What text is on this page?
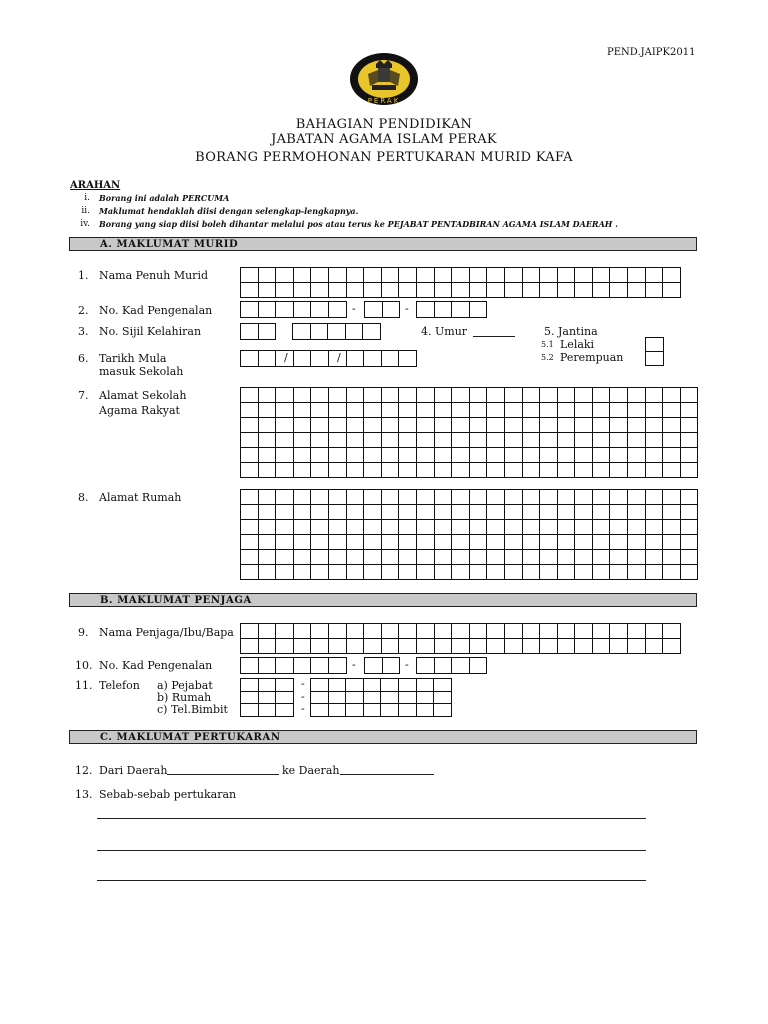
PEND.JAIPK2011
PERAK
BAHAGIAN PENDIDIKAN
JABATAN AGAMA ISLAM PERAK
BORANG PERMOHONAN PERTUKARAN MURID KAFA
ARAHAN
i. Borang ini adalah PERCUMA
ii. Maklumat hendaklah diisi dengan selengkap-lengkapnya.
iv. Borang yang siap diisi boleh dihantar melalui pos atau terus ke PEJABAT PENTADBIRAN AGAMA ISLAM DAERAH .
A. MAKLUMAT MURID
1. Nama Penuh Murid
2. No. Kad Pengenalan	-	-
3. No. Sijil Kelahiran	4. Umur	5. Jantina
5.1 Lelaki
5.2 Perempuan
6. Tarikh Mula
masuk Sekolah
/	/
7. Alamat Sekolah
Agama Rakyat
8. Alamat Rumah
B. MAKLUMAT PENJAGA
9. Nama Penjaga/Ibu/Bapa
10. No. Kad Pengenalan	-	-
11. Telefon a) Pejabat
b) Rumah
c) Tel.Bimbit
-
-
-
C. MAKLUMAT PERTUKARAN
12. Dari Daerah	ke Daerah
13. Sebab-sebab pertukaran
